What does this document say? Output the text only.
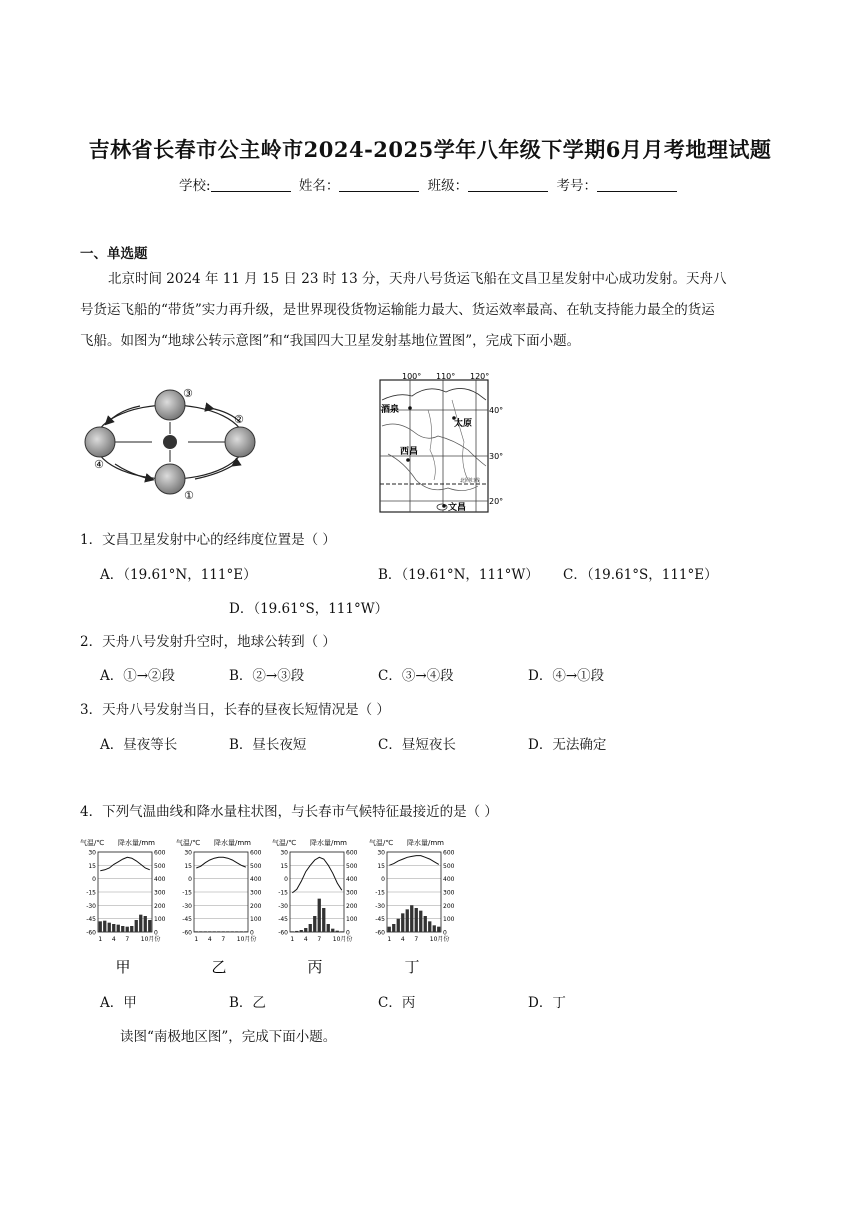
吉林省长春市公主岭市2024-2025学年八年级下学期6月月考地理试题
学校:	姓名：	班级：	考号：
一、单选题
北京时间 2024 年 11 月 15 日 23 时 13 分，天舟八号货运飞船在文昌卫星发射中心成功发射。天舟八
号货运飞船的“带货”实力再升级，是世界现役货物运输能力最大、货运效率最高、在轨支持能力最全的货运
飞船。如图为“地球公转示意图”和“我国四大卫星发射基地位置图”，完成下面小题。
③
②
①
④
100° 110° 120°
40°
30°
20°
酒泉
太原
西昌
文昌
北回归线
1．文昌卫星发射中心的经纬度位置是（ ）
A．（19.61°N，111°E）	B．（19.61°N，111°W） C．（19.61°S，111°E）
D．（19.61°S，111°W）
2．天舟八号发射升空时，地球公转到（ ）
A．①→②段	B．②→③段	C．③→④段	D．④→①段
3．天舟八号发射当日，长春的昼夜长短情况是（ ）
A．昼夜等长	B．昼长夜短	C．昼短夜长	D．无法确定
4．下列气温曲线和降水量柱状图，与长春市气候特征最接近的是（ ）
气温/℃ 降水量/mm
30	600
15	500
0	400
-15	300
-30	200
-45	100
-60	0
1 4 7 10月份
甲
气温/℃ 降水量/mm
30	600
15	500
0	400
-15	300
-30	200
-45	100
-60	0
1 4 7 10月份
乙
气温/℃ 降水量/mm
30	600
15	500
0	400
-15	300
-30	200
-45	100
-60	0
1 4 7 10月份
丙
气温/℃ 降水量/mm
30	600
15	500
0	400
-15	300
-30	200
-45	100
-60	0
1 4 7 10月份
丁
A．甲	B．乙	C．丙	D．丁
读图“南极地区图”，完成下面小题。
